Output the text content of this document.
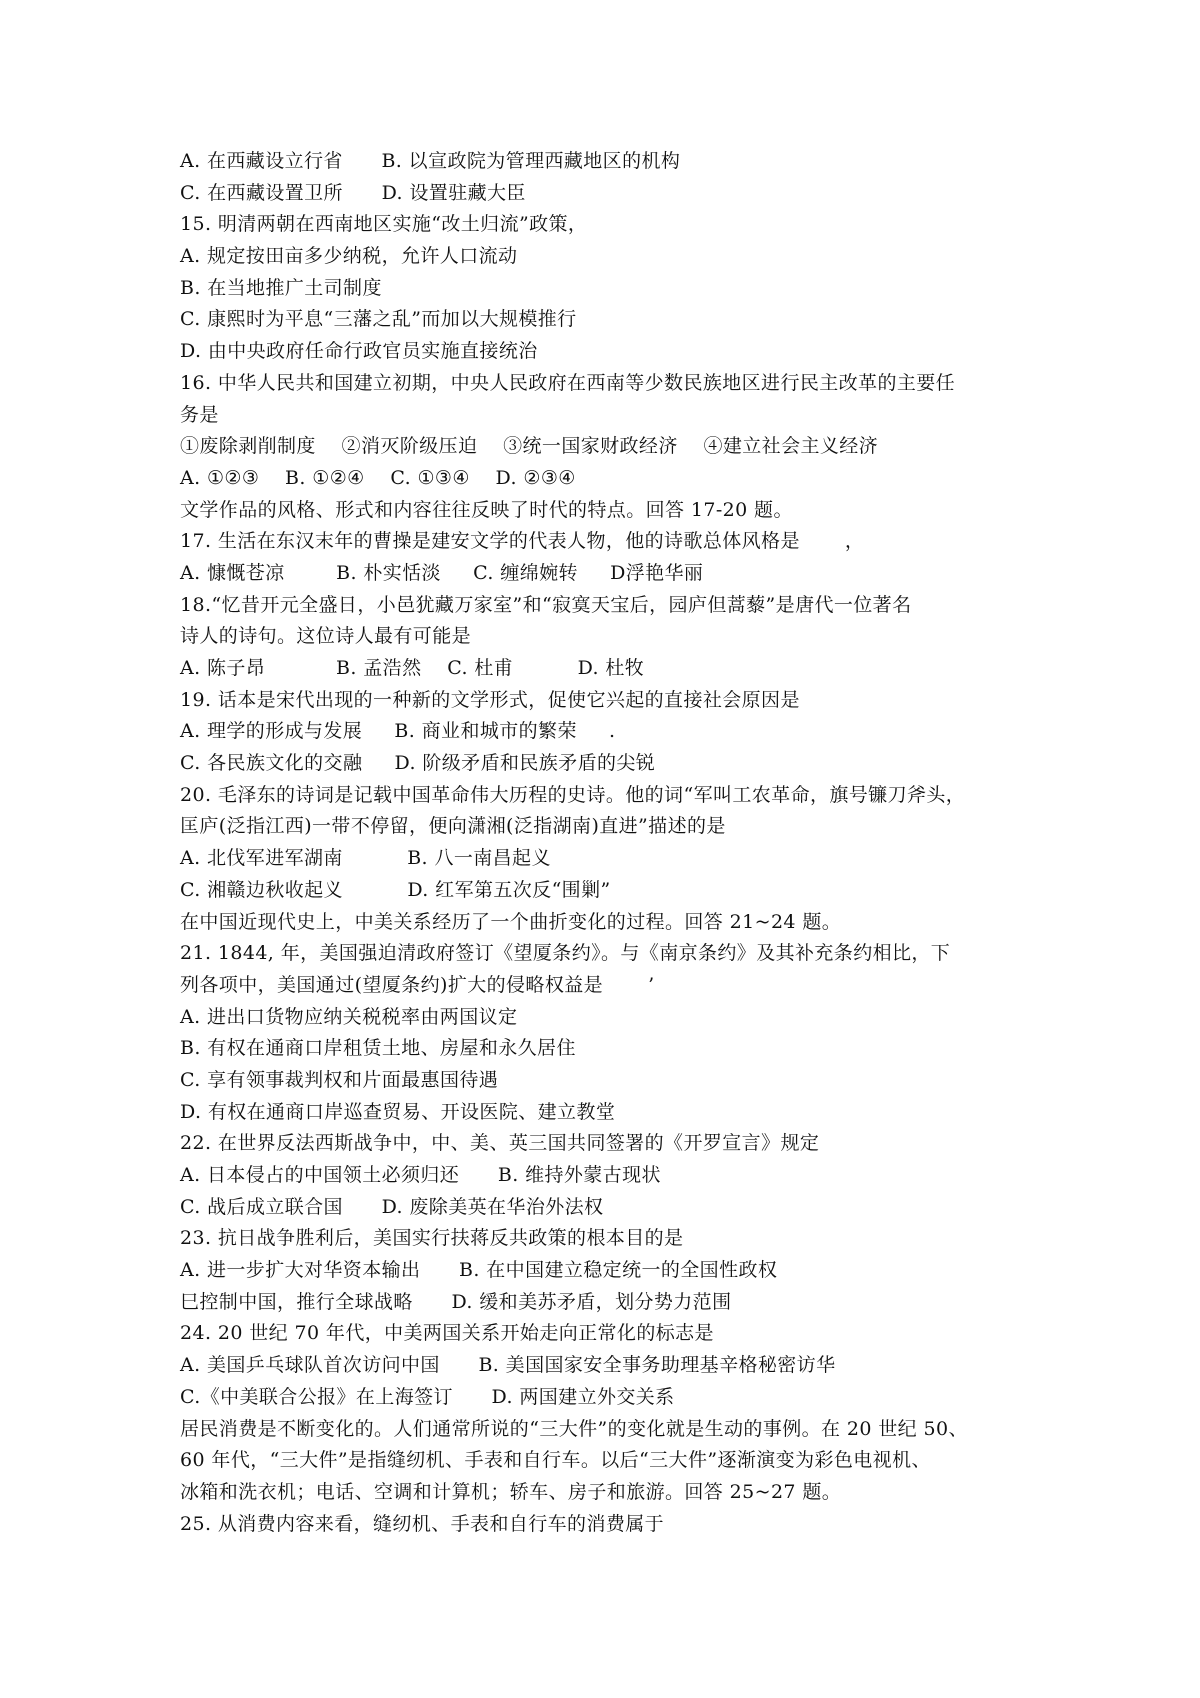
A. 在西藏设立行省      B. 以宣政院为管理西藏地区的机构
C. 在西藏设置卫所      D. 设置驻藏大臣
15. 明清两朝在西南地区实施“改土归流”政策，
A. 规定按田亩多少纳税，允许人口流动
B. 在当地推广土司制度
C. 康熙时为平息“三藩之乱”而加以大规模推行
D. 由中央政府任命行政官员实施直接统治
16. 中华人民共和国建立初期，中央人民政府在西南等少数民族地区进行民主改革的主要任
务是
①废除剥削制度    ②消灭阶级压迫    ③统一国家财政经济    ④建立社会主义经济
A. ①②③    B. ①②④    C. ①③④    D. ②③④
文学作品的风格、形式和内容往往反映了时代的特点。回答 17-20 题。
17. 生活在东汉末年的曹操是建安文学的代表人物，他的诗歌总体风格是       ，
A. 慷慨苍凉        B. 朴实恬淡     C. 缠绵婉转     D浮艳华丽
18.“忆昔开元全盛日，小邑犹藏万家室”和“寂寞天宝后，园庐但蒿藜”是唐代一位著名
诗人的诗句。这位诗人最有可能是
A. 陈子昂           B. 孟浩然    C. 杜甫          D. 杜牧
19. 话本是宋代出现的一种新的文学形式，促使它兴起的直接社会原因是
A. 理学的形成与发展     B. 商业和城市的繁荣     .
C. 各民族文化的交融     D. 阶级矛盾和民族矛盾的尖锐
20. 毛泽东的诗词是记载中国革命伟大历程的史诗。他的词“军叫工农革命，旗号镰刀斧头，
匡庐(泛指江西)一带不停留，便向潇湘(泛指湖南)直进”描述的是
A. 北伐军进军湖南          B. 八一南昌起义
C. 湘赣边秋收起义          D. 红军第五次反“围剿”
在中国近现代史上，中美关系经历了一个曲折变化的过程。回答 21~24 题。
21. 1844, 年，美国强迫清政府签订《望厦条约》。与《南京条约》及其补充条约相比，下
列各项中，美国通过(望厦条约)扩大的侵略权益是       ’
A. 进出口货物应纳关税税率由两国议定
B. 有权在通商口岸租赁土地、房屋和永久居住
C. 享有领事裁判权和片面最惠国待遇
D. 有权在通商口岸巡查贸易、开设医院、建立教堂
22. 在世界反法西斯战争中，中、美、英三国共同签署的《开罗宣言》规定
A. 日本侵占的中国领土必须归还      B. 维持外蒙古现状
C. 战后成立联合国      D. 废除美英在华治外法权
23. 抗日战争胜利后，美国实行扶蒋反共政策的根本目的是
A. 进一步扩大对华资本输出      B. 在中国建立稳定统一的全国性政权
巳控制中国，推行全球战略      D. 缓和美苏矛盾，划分势力范围
24. 20 世纪 70 年代，中美两国关系开始走向正常化的标志是
A. 美国乒乓球队首次访问中国      B. 美国国家安全事务助理基辛格秘密访华
C.《中美联合公报》在上海签订      D. 两国建立外交关系
居民消费是不断变化的。人们通常所说的“三大件”的变化就是生动的事例。在 20 世纪 50、
60 年代，“三大件”是指缝纫机、手表和自行车。以后“三大件”逐渐演变为彩色电视机、
冰箱和洗衣机；电话、空调和计算机；轿车、房子和旅游。回答 25~27 题。
25. 从消费内容来看，缝纫机、手表和自行车的消费属于
